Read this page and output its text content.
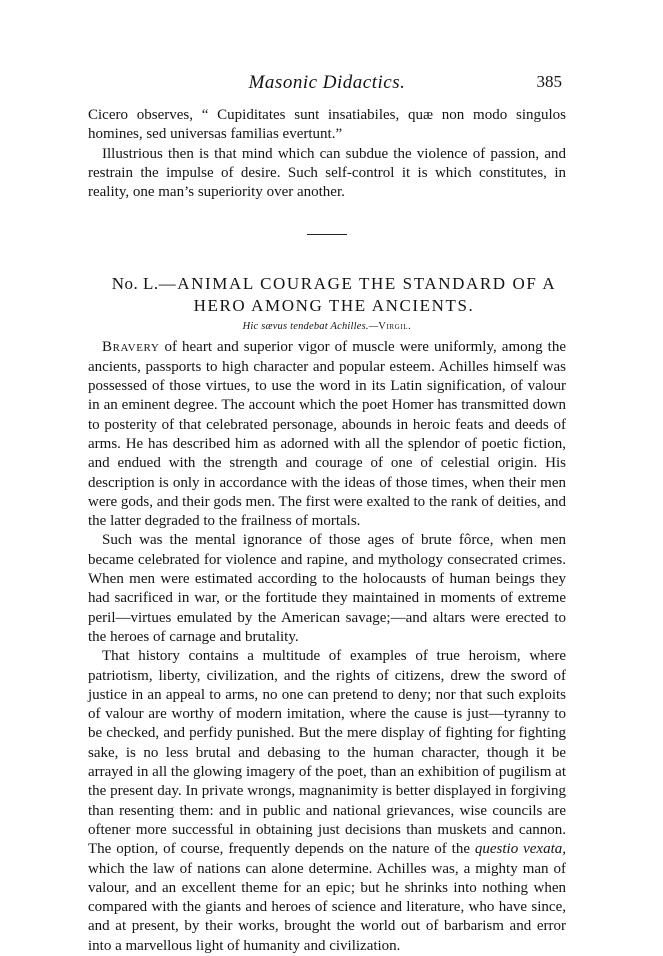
Masonic Didactics.	385

Cicero observes, “ Cupiditates sunt insatiabiles, quæ non modo singulos homines, sed universas familias evertunt.”

Illustrious then is that mind which can subdue the violence of passion, and restrain the impulse of desire. Such self-control it is which constitutes, in reality, one man’s superiority over another.

No. L.—ANIMAL COURAGE THE STANDARD OF A HERO AMONG THE ANCIENTS.
Hic sævus tendebat Achilles.—Virgil.

Bravery of heart and superior vigor of muscle were uniformly, among the ancients, passports to high character and popular esteem. Achilles himself was possessed of those virtues, to use the word in its Latin signification, of valour in an eminent degree. The account which the poet Homer has transmitted down to posterity of that celebrated personage, abounds in heroic feats and deeds of arms. He has described him as adorned with all the splendor of poetic fiction, and endued with the strength and courage of one of celestial origin. His description is only in accordance with the ideas of those times, when their men were gods, and their gods men. The first were exalted to the rank of deities, and the latter degraded to the frailness of mortals.

Such was the mental ignorance of those ages of brute fôrce, when men became celebrated for violence and rapine, and mythology consecrated crimes. When men were estimated according to the holocausts of human beings they had sacrificed in war, or the fortitude they maintained in moments of extreme peril—virtues emulated by the American savage;—and altars were erected to the heroes of carnage and brutality.

That history contains a multitude of examples of true heroism, where patriotism, liberty, civilization, and the rights of citizens, drew the sword of justice in an appeal to arms, no one can pretend to deny; nor that such exploits of valour are worthy of modern imitation, where the cause is just—tyranny to be checked, and perfidy punished. But the mere display of fighting for fighting sake, is no less brutal and debasing to the human character, though it be arrayed in all the glowing imagery of the poet, than an exhibition of pugilism at the present day. In private wrongs, magnanimity is better displayed in forgiving than resenting them: and in public and national grievances, wise councils are oftener more successful in obtaining just decisions than muskets and cannon. The option, of course, frequently depends on the nature of the questio vexata, which the law of nations can alone determine. Achilles was, a mighty man of valour, and an excellent theme for an epic; but he shrinks into nothing when compared with the giants and heroes of science and literature, who have since, and at present, by their works, brought the world out of barbarism and error into a marvellous light of humanity and civilization.
